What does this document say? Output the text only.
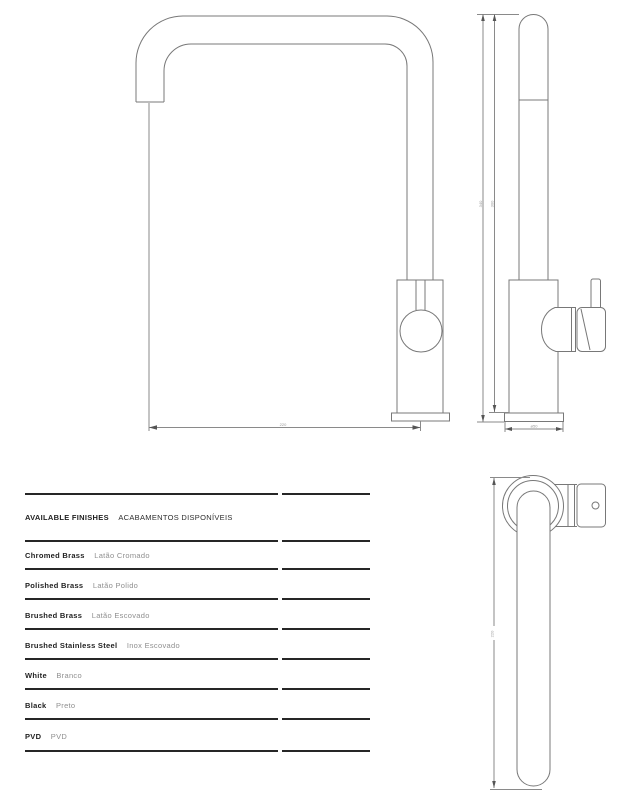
220
340 300
ø50
220
AVAILABLE FINISHES ACABAMENTOS DISPONÍVEIS
Chromed Brass Latão Cromado
Polished Brass Latão Polido
Brushed Brass Latão Escovado
Brushed Stainless Steel Inox Escovado
White Branco
Black Preto
PVD PVD
